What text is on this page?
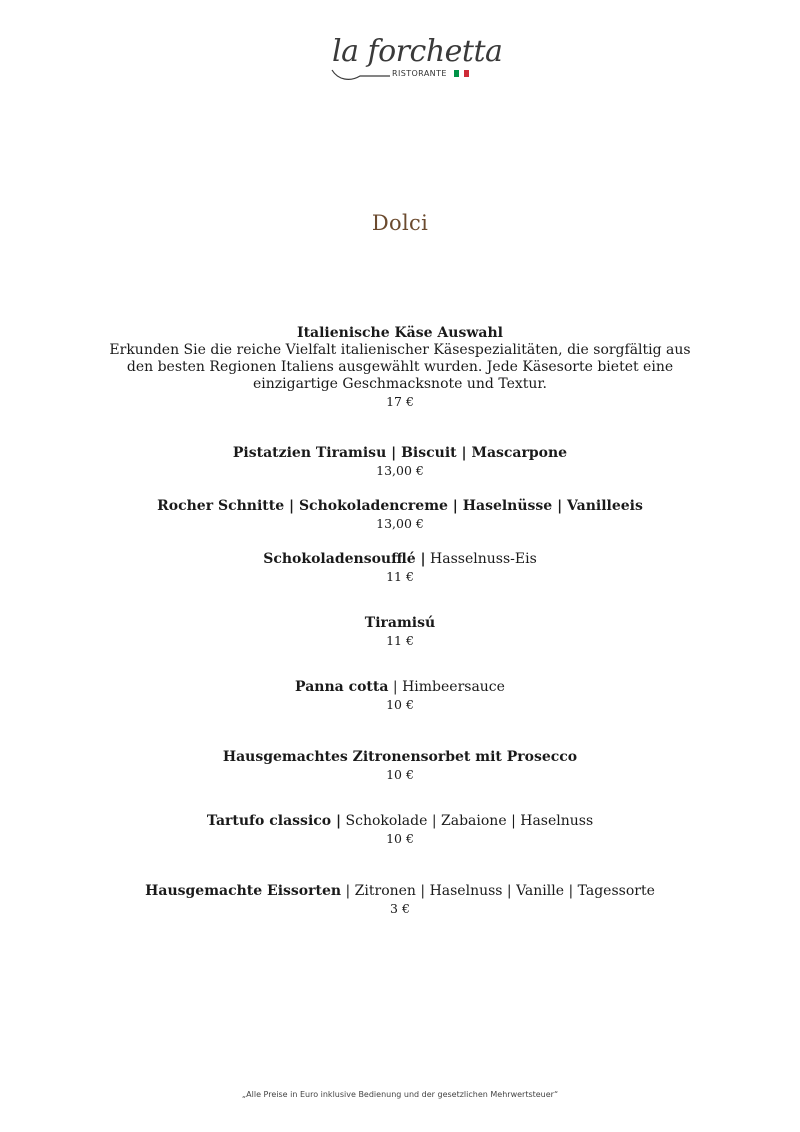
la forchetta
RISTORANTE
Dolci
Italienische Käse Auswahl
Erkunden Sie die reiche Vielfalt italienischer Käsespezialitäten, die sorgfältig aus den besten Regionen Italiens ausgewählt wurden. Jede Käsesorte bietet eine einzigartige Geschmacksnote und Textur.
17 €
Pistatzien Tiramisu | Biscuit | Mascarpone
13,00 €
Rocher Schnitte | Schokoladencreme | Haselnüsse | Vanilleeis
13,00 €
Schokoladensoufflé | Hasselnuss-Eis
11 €
Tiramisú
11 €
Panna cotta | Himbeersauce
10 €
Hausgemachtes Zitronensorbet mit Prosecco
10 €
Tartufo classico | Schokolade | Zabaione | Haselnuss
10 €
Hausgemachte Eissorten | Zitronen | Haselnuss | Vanille | Tagessorte
3 €
„Alle Preise in Euro inklusive Bedienung und der gesetzlichen Mehrwertsteuer“
